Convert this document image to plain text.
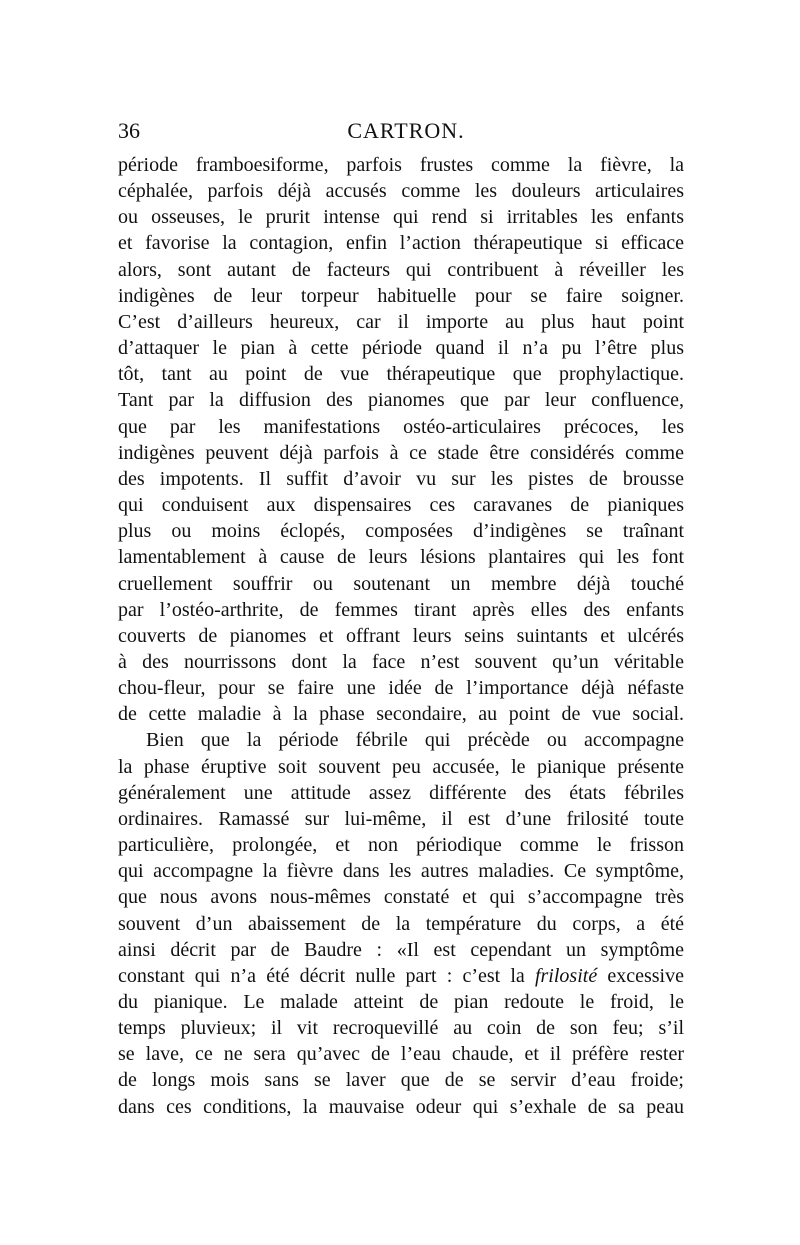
36	CARTRON.
période framboesiforme, parfois frustes comme la fièvre, la
céphalée, parfois déjà accusés comme les douleurs articulaires
ou osseuses, le prurit intense qui rend si irritables les enfants
et favorise la contagion, enfin l’action thérapeutique si efficace
alors, sont autant de facteurs qui contribuent à réveiller les
indigènes de leur torpeur habituelle pour se faire soigner.
C’est d’ailleurs heureux, car il importe au plus haut point
d’attaquer le pian à cette période quand il n’a pu l’être plus
tôt, tant au point de vue thérapeutique que prophylactique.
Tant par la diffusion des pianomes que par leur confluence,
que par les manifestations ostéo-articulaires précoces, les
indigènes peuvent déjà parfois à ce stade être considérés comme
des impotents. Il suffit d’avoir vu sur les pistes de brousse
qui conduisent aux dispensaires ces caravanes de pianiques
plus ou moins éclopés, composées d’indigènes se traînant
lamentablement à cause de leurs lésions plantaires qui les font
cruellement souffrir ou soutenant un membre déjà touché
par l’ostéo-arthrite, de femmes tirant après elles des enfants
couverts de pianomes et offrant leurs seins suintants et ulcérés
à des nourrissons dont la face n’est souvent qu’un véritable
chou-fleur, pour se faire une idée de l’importance déjà néfaste
de cette maladie à la phase secondaire, au point de vue social.
Bien que la période fébrile qui précède ou accompagne
la phase éruptive soit souvent peu accusée, le pianique présente
généralement une attitude assez différente des états fébriles
ordinaires. Ramassé sur lui-même, il est d’une frilosité toute
particulière, prolongée, et non périodique comme le frisson
qui accompagne la fièvre dans les autres maladies. Ce symptôme,
que nous avons nous-mêmes constaté et qui s’accompagne très
souvent d’un abaissement de la température du corps, a été
ainsi décrit par de Baudre : «Il est cependant un symptôme
constant qui n’a été décrit nulle part : c’est la frilosité excessive
du pianique. Le malade atteint de pian redoute le froid, le
temps pluvieux; il vit recroquevillé au coin de son feu; s’il
se lave, ce ne sera qu’avec de l’eau chaude, et il préfère rester
de longs mois sans se laver que de se servir d’eau froide;
dans ces conditions, la mauvaise odeur qui s’exhale de sa peau
